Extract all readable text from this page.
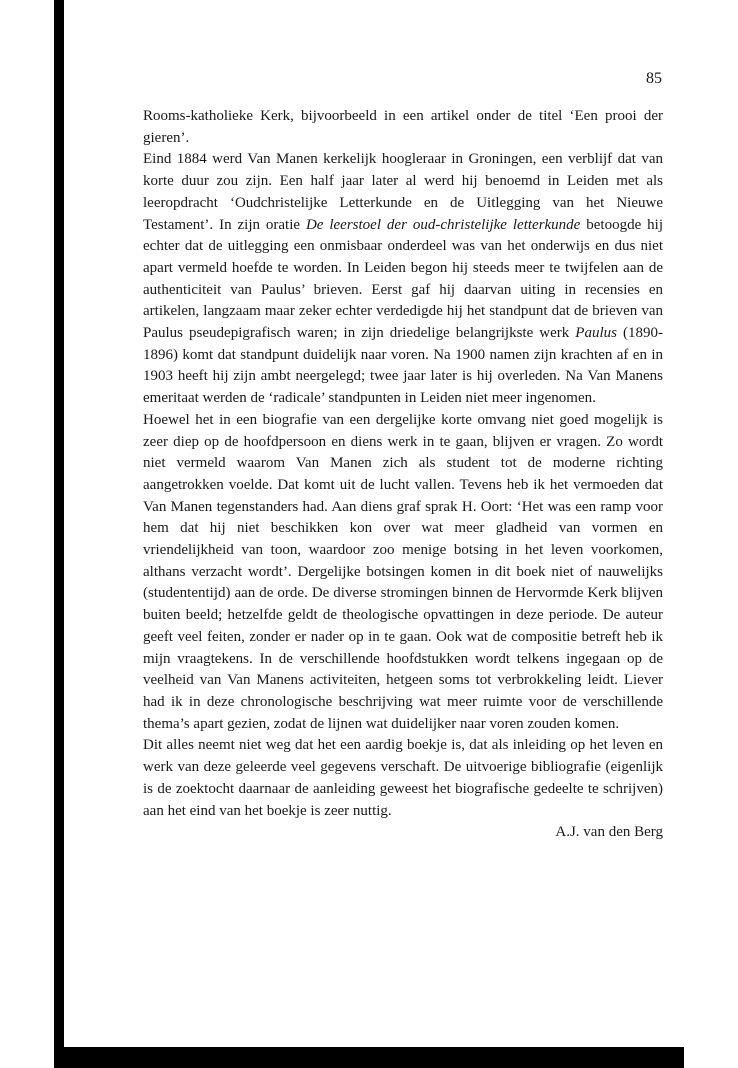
85

Rooms-katholieke Kerk, bijvoorbeeld in een artikel onder de titel ‘Een prooi der gieren’.

Eind 1884 werd Van Manen kerkelijk hoogleraar in Groningen, een verblijf dat van korte duur zou zijn. Een half jaar later al werd hij benoemd in Leiden met als leeropdracht ‘Oudchristelijke Letterkunde en de Uitlegging van het Nieuwe Testament’. In zijn oratie De leerstoel der oud-christelijke letterkunde betoogde hij echter dat de uitlegging een onmisbaar onderdeel was van het onderwijs en dus niet apart vermeld hoefde te worden. In Leiden begon hij steeds meer te twijfelen aan de authenticiteit van Paulus’ brieven. Eerst gaf hij daarvan uiting in recensies en artikelen, langzaam maar zeker echter verdedigde hij het standpunt dat de brieven van Paulus pseudepigrafisch waren; in zijn driedelige belangrijkste werk Paulus (1890-1896) komt dat standpunt duidelijk naar voren. Na 1900 namen zijn krachten af en in 1903 heeft hij zijn ambt neergelegd; twee jaar later is hij overleden. Na Van Manens emeritaat werden de ‘radicale’ standpunten in Leiden niet meer ingenomen.

Hoewel het in een biografie van een dergelijke korte omvang niet goed mogelijk is zeer diep op de hoofdpersoon en diens werk in te gaan, blijven er vragen. Zo wordt niet vermeld waarom Van Manen zich als student tot de moderne richting aangetrokken voelde. Dat komt uit de lucht vallen. Tevens heb ik het vermoeden dat Van Manen tegenstanders had. Aan diens graf sprak H. Oort: ‘Het was een ramp voor hem dat hij niet beschikken kon over wat meer gladheid van vormen en vriendelijkheid van toon, waardoor zoo menige botsing in het leven voorkomen, althans verzacht wordt’. Dergelijke botsingen komen in dit boek niet of nauwelijks (studententijd) aan de orde. De diverse stromingen binnen de Hervormde Kerk blijven buiten beeld; hetzelfde geldt de theologische opvattingen in deze periode. De auteur geeft veel feiten, zonder er nader op in te gaan. Ook wat de compositie betreft heb ik mijn vraagtekens. In de verschillende hoofdstukken wordt telkens ingegaan op de veelheid van Van Manens activiteiten, hetgeen soms tot verbrokkeling leidt. Liever had ik in deze chronologische beschrijving wat meer ruimte voor de verschillende thema’s apart gezien, zodat de lijnen wat duidelijker naar voren zouden komen.

Dit alles neemt niet weg dat het een aardig boekje is, dat als inleiding op het leven en werk van deze geleerde veel gegevens verschaft. De uitvoerige bibliografie (eigenlijk is de zoektocht daarnaar de aanleiding geweest het biografische gedeelte te schrijven) aan het eind van het boekje is zeer nuttig.

A.J. van den Berg
